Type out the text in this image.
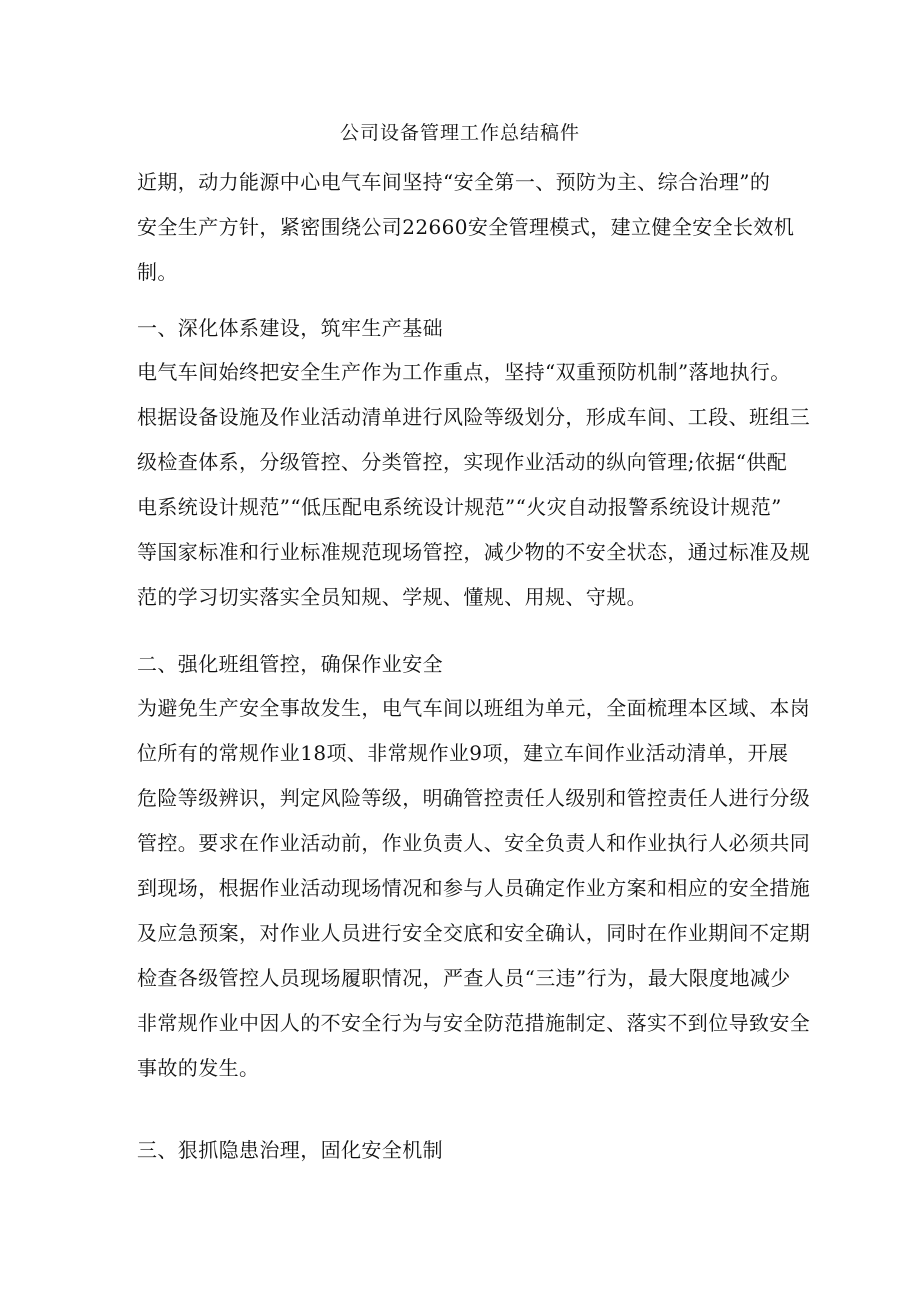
公司设备管理工作总结稿件
近期，动力能源中心电气车间坚持“安全第一、预防为主、综合治理”的
安全生产方针，紧密围绕公司22660安全管理模式，建立健全安全长效机
制。
一、深化体系建设，筑牢生产基础
电气车间始终把安全生产作为工作重点，坚持“双重预防机制”落地执行。
根据设备设施及作业活动清单进行风险等级划分，形成车间、工段、班组三
级检查体系，分级管控、分类管控，实现作业活动的纵向管理;依据“供配
电系统设计规范”“低压配电系统设计规范”“火灾自动报警系统设计规范”
等国家标准和行业标准规范现场管控，减少物的不安全状态，通过标准及规
范的学习切实落实全员知规、学规、懂规、用规、守规。
二、强化班组管控，确保作业安全
为避免生产安全事故发生，电气车间以班组为单元，全面梳理本区域、本岗
位所有的常规作业18项、非常规作业9项，建立车间作业活动清单，开展
危险等级辨识，判定风险等级，明确管控责任人级别和管控责任人进行分级
管控。要求在作业活动前，作业负责人、安全负责人和作业执行人必须共同
到现场，根据作业活动现场情况和参与人员确定作业方案和相应的安全措施
及应急预案，对作业人员进行安全交底和安全确认，同时在作业期间不定期
检查各级管控人员现场履职情况，严查人员“三违”行为，最大限度地减少
非常规作业中因人的不安全行为与安全防范措施制定、落实不到位导致安全
事故的发生。
三、狠抓隐患治理，固化安全机制
